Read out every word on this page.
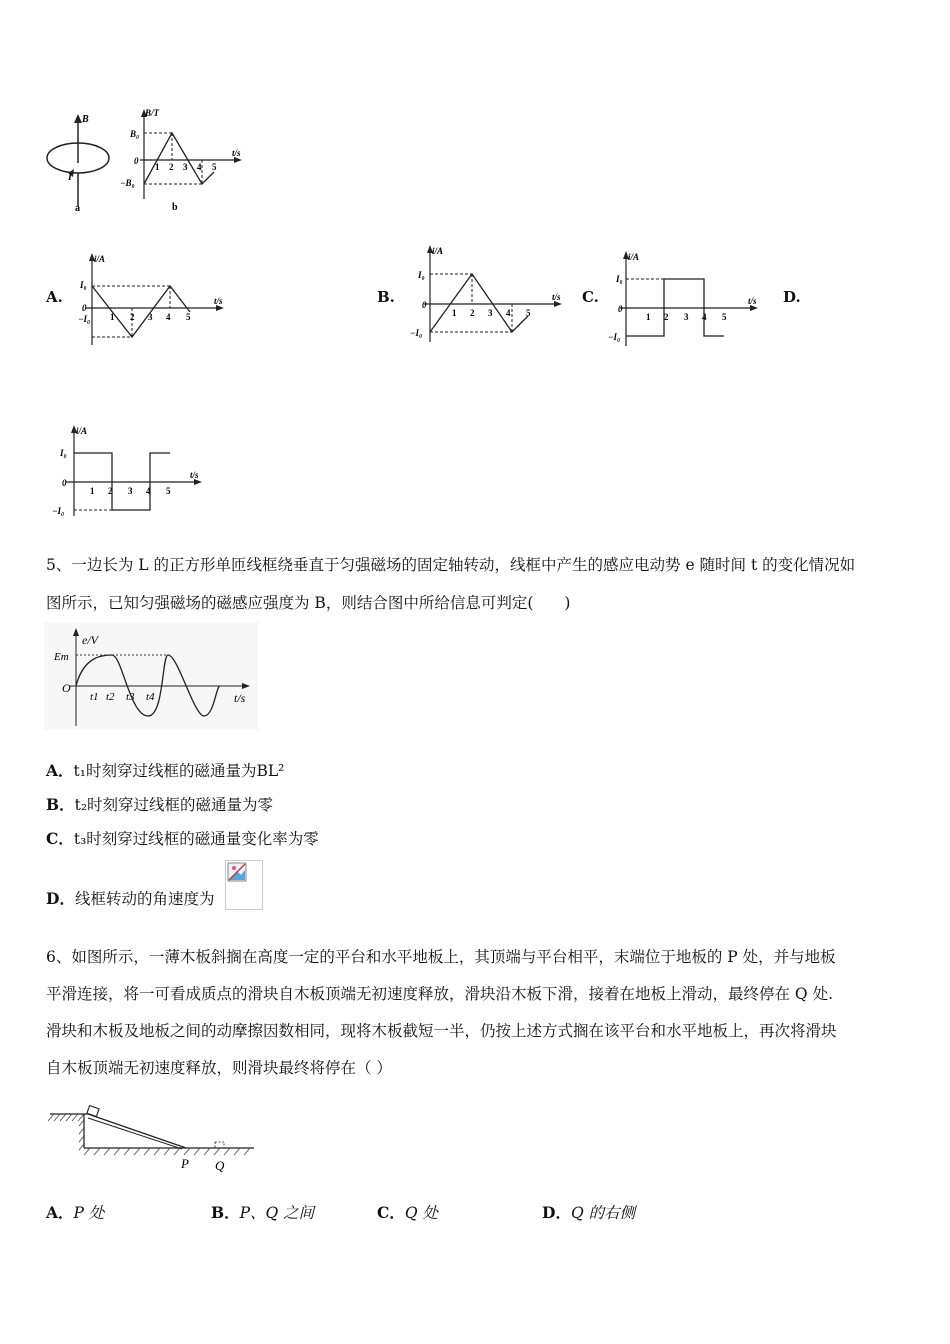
B
I
a
B/T
t/s
B₀
−B₀
0
1 2 3 4 5
b
A.
i/A
I₀
0
−I₀
t/s
1 2 3 4 5
B.
i/A
I₀
0
−I₀
t/s
1 2 3 4 5
C.
i/A
I₀
0
−I₀
t/s
1 2 3 4 5
D.
i/A
I₀
0
−I₀
t/s
1 2 3 4 5
5、一边长为 L 的正方形单匝线框绕垂直于匀强磁场的固定轴转动，线框中产生的感应电动势 e 随时间 t 的变化情况如
图所示，已知匀强磁场的磁感应强度为 B，则结合图中所给信息可判定(　　)
e/V
Em
O
t/s
t1 t2 t3 t4
A．t₁时刻穿过线框的磁通量为BL²
B．t₂时刻穿过线框的磁通量为零
C．t₃时刻穿过线框的磁通量变化率为零
D．线框转动的角速度为
6、如图所示，一薄木板斜搁在高度一定的平台和水平地板上，其顶端与平台相平，末端位于地板的 P 处，并与地板
平滑连接，将一可看成质点的滑块自木板顶端无初速度释放，滑块沿木板下滑，接着在地板上滑动，最终停在 Q 处.
滑块和木板及地板之间的动摩擦因数相同，现将木板截短一半，仍按上述方式搁在该平台和水平地板上，再次将滑块
自木板顶端无初速度释放，则滑块最终将停在（ ）
P Q
A．P 处	B．P、Q 之间	C．Q 处	D．Q 的右侧
